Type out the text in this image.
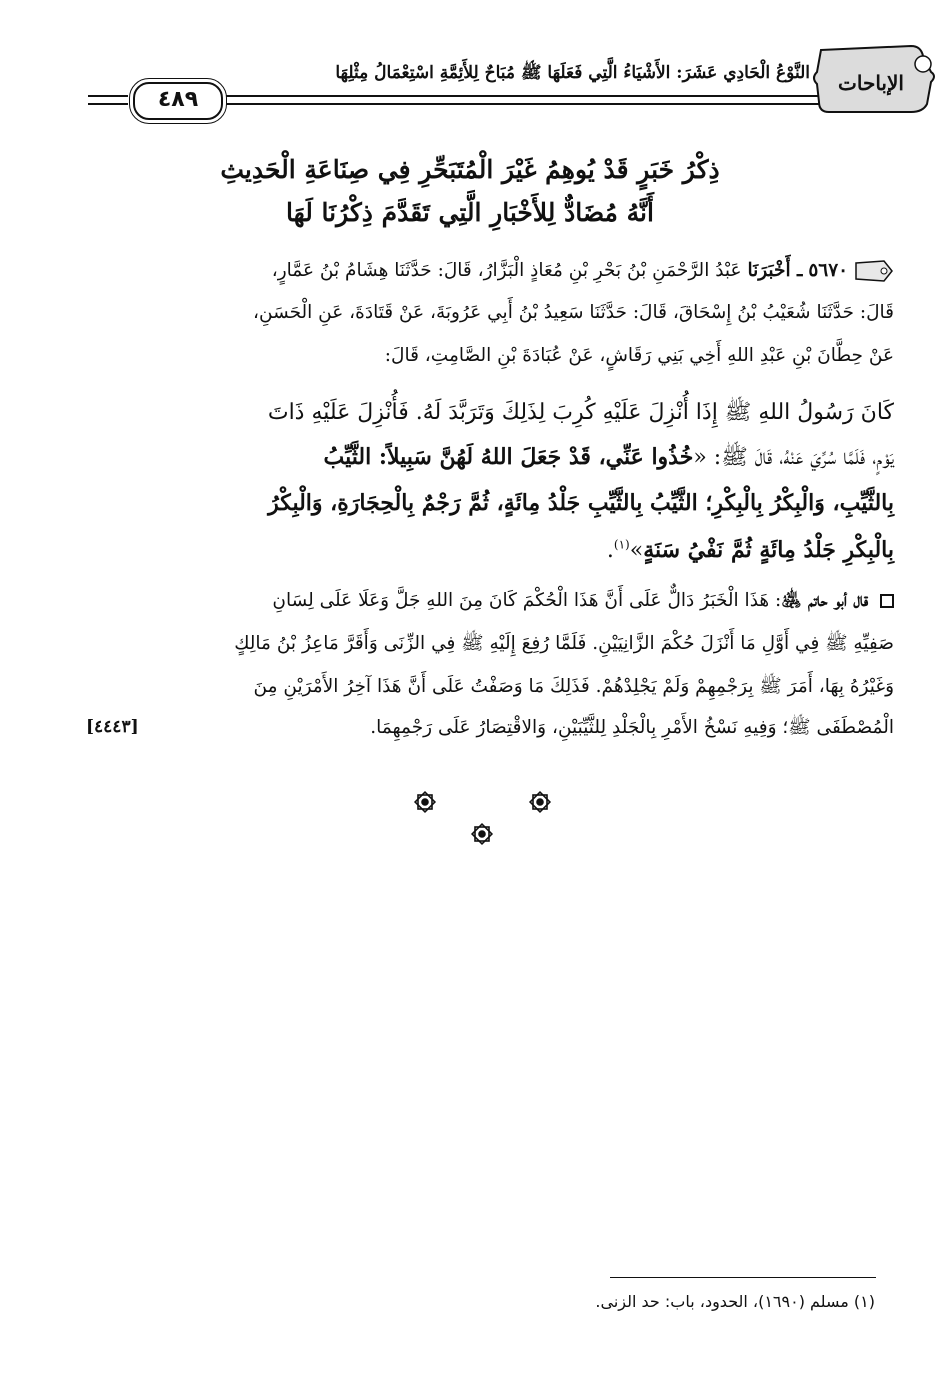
٤٨٩
النَّوْعُ الْحَادِي عَشَرَ: الأَشْيَاءُ الَّتِي فَعَلَهَا ﷺ مُبَاحٌ لِلأَئِمَّةِ اسْتِعْمَالُ مِثْلِهَا الإباحات
ذِكْرُ خَبَرٍ قَدْ يُوهِمُ غَيْرَ الْمُتَبَحِّرِ فِي صِنَاعَةِ الْحَدِيثِ
أَنَّهُ مُضَادٌّ لِلأَخْبَارِ الَّتِي تَقَدَّمَ ذِكْرُنَا لَهَا
٥٦٧٠ ـ أَخْبَرَنَا عَبْدُ الرَّحْمَنِ بْنُ بَحْرِ بْنِ مُعَاذٍ الْبَزَّارُ، قَالَ: حَدَّثَنَا هِشَامُ بْنُ عَمَّارٍ،
قَالَ: حَدَّثَنَا شُعَيْبُ بْنُ إِسْحَاقَ، قَالَ: حَدَّثَنَا سَعِيدُ بْنُ أَبِي عَرُوبَةَ، عَنْ قَتَادَةَ، عَنِ الْحَسَنِ،
عَنْ حِطَّانَ بْنِ عَبْدِ اللهِ أَخِي بَنِي رَقَاشٍ، عَنْ عُبَادَةَ بْنِ الصَّامِتِ، قَالَ:
كَانَ رَسُولُ اللهِ ﷺ إِذَا أُنْزِلَ عَلَيْهِ كُرِبَ لِذَلِكَ وَتَرَبَّدَ لَهُ. فَأُنْزِلَ عَلَيْهِ ذَاتَ
يَوْمٍ، فَلَمَّا سُرِّيَ عَنْهُ، قَالَ ﷺ: «خُذُوا عَنِّي، قَدْ جَعَلَ اللهُ لَهُنَّ سَبِيلاً: الثَّيِّبُ
بِالثَّيِّبِ، وَالْبِكْرُ بِالْبِكْرِ؛ الثَّيِّبُ بِالثَّيِّبِ جَلْدُ مِائَةٍ، ثُمَّ رَجْمٌ بِالْحِجَارَةِ، وَالْبِكْرُ
بِالْبِكْرِ جَلْدُ مِائَةٍ ثُمَّ نَفْيُ سَنَةٍ»$^{(١)}$.
قال أبو حاتم ﵁: هَذَا الْخَبَرُ دَالٌّ عَلَى أَنَّ هَذَا الْحُكْمَ كَانَ مِنَ اللهِ جَلَّ وَعَلَا عَلَى لِسَانِ
صَفِيِّهِ ﷺ فِي أَوَّلِ مَا أَنْزَلَ حُكْمَ الزَّانِيَيْنِ. فَلَمَّا رُفِعَ إِلَيْهِ ﷺ فِي الزِّنَى وَأَقَرَّ مَاعِزُ بْنُ مَالِكٍ
وَغَيْرُهُ بِهَا، أَمَرَ ﷺ بِرَجْمِهِمْ وَلَمْ يَجْلِدْهُمْ. فَذَلِكَ مَا وَصَفْتُ عَلَى أَنَّ هَذَا آخِرُ الأَمْرَيْنِ مِنَ
الْمُصْطَفَى ﷺ؛ وَفِيهِ نَسْخُ الأَمْرِ بِالْجَلْدِ لِلثَّيِّبَيْنِ، وَالاقْتِصَارُ عَلَى رَجْمِهِمَا.
[٤٤٤٣]
(١) مسلم (١٦٩٠)، الحدود، باب: حد الزنى.
